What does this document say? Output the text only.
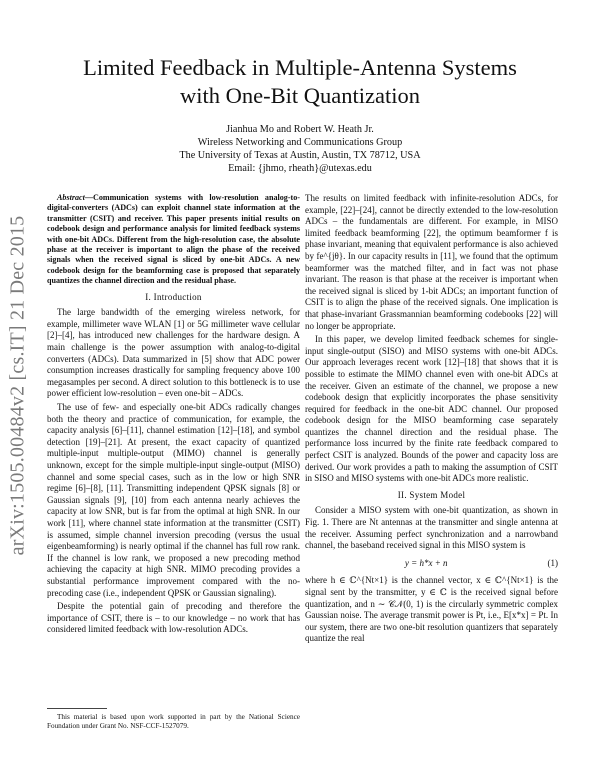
arXiv:1505.00484v2 [cs.IT] 21 Dec 2015
Limited Feedback in Multiple-Antenna Systems
with One-Bit Quantization
Jianhua Mo and Robert W. Heath Jr.
Wireless Networking and Communications Group
The University of Texas at Austin, Austin, TX 78712, USA
Email: {jhmo, rheath}@utexas.edu

Abstract—Communication systems with low-resolution analog-to-digital-converters (ADCs) can exploit channel state information at the transmitter (CSIT) and receiver. This paper presents initial results on codebook design and performance analysis for limited feedback systems with one-bit ADCs. Different from the high-resolution case, the absolute phase at the receiver is important to align the phase of the received signals when the received signal is sliced by one-bit ADCs. A new codebook design for the beamforming case is proposed that separately quantizes the channel direction and the residual phase.

I. Introduction

The large bandwidth of the emerging wireless network, for example, millimeter wave WLAN [1] or 5G millimeter wave cellular [2]–[4], has introduced new challenges for the hardware design. A main challenge is the power assumption with analog-to-digital converters (ADCs). Data summarized in [5] show that ADC power consumption increases drastically for sampling frequency above 100 megasamples per second. A direct solution to this bottleneck is to use power efficient low-resolution – even one-bit – ADCs.

The use of few- and especially one-bit ADCs radically changes both the theory and practice of communication, for example, the capacity analysis [6]–[11], channel estimation [12]–[18], and symbol detection [19]–[21]. At present, the exact capacity of quantized multiple-input multiple-output (MIMO) channel is generally unknown, except for the simple multiple-input single-output (MISO) channel and some special cases, such as in the low or high SNR regime [6]–[8], [11]. Transmitting independent QPSK signals [8] or Gaussian signals [9], [10] from each antenna nearly achieves the capacity at low SNR, but is far from the optimal at high SNR. In our work [11], where channel state information at the transmitter (CSIT) is assumed, simple channel inversion precoding (versus the usual eigenbeamforming) is nearly optimal if the channel has full row rank. If the channel is low rank, we proposed a new precoding method achieving the capacity at high SNR. MIMO precoding provides a substantial performance improvement compared with the no-precoding case (i.e., independent QPSK or Gaussian signaling).

Despite the potential gain of precoding and therefore the importance of CSIT, there is – to our knowledge – no work that has considered limited feedback with low-resolution ADCs.

This material is based upon work supported in part by the National Science Foundation under Grant No. NSF-CCF-1527079.

The results on limited feedback with infinite-resolution ADCs, for example, [22]–[24], cannot be directly extended to the low-resolution ADCs – the fundamentals are different. For example, in MISO limited feedback beamforming [22], the optimum beamformer f is phase invariant, meaning that equivalent performance is also achieved by fe^{jθ}. In our capacity results in [11], we found that the optimum beamformer was the matched filter, and in fact was not phase invariant. The reason is that phase at the receiver is important when the received signal is sliced by 1-bit ADCs; an important function of CSIT is to align the phase of the received signals. One implication is that phase-invariant Grassmannian beamforming codebooks [22] will no longer be appropriate.

In this paper, we develop limited feedback schemes for single-input single-output (SISO) and MISO systems with one-bit ADCs. Our approach leverages recent work [12]–[18] that shows that it is possible to estimate the MIMO channel even with one-bit ADCs at the receiver. Given an estimate of the channel, we propose a new codebook design that explicitly incorporates the phase sensitivity required for feedback in the one-bit ADC channel. Our proposed codebook design for the MISO beamforming case separately quantizes the channel direction and the residual phase. The performance loss incurred by the finite rate feedback compared to perfect CSIT is analyzed. Bounds of the power and capacity loss are derived. Our work provides a path to making the assumption of CSIT in SISO and MISO systems with one-bit ADCs more realistic.

II. System Model

Consider a MISO system with one-bit quantization, as shown in Fig. 1. There are Nt antennas at the transmitter and single antenna at the receiver. Assuming perfect synchronization and a narrowband channel, the baseband received signal in this MISO system is

y = h*x + n	(1)

where h ∈ ℂ^{Nt×1} is the channel vector, x ∈ ℂ^{Nt×1} is the signal sent by the transmitter, y ∈ ℂ is the received signal before quantization, and n ∼ 𝒞𝒩(0, 1) is the circularly symmetric complex Gaussian noise. The average transmit power is Pt, i.e., E[x*x] = Pt. In our system, there are two one-bit resolution quantizers that separately quantize the real
